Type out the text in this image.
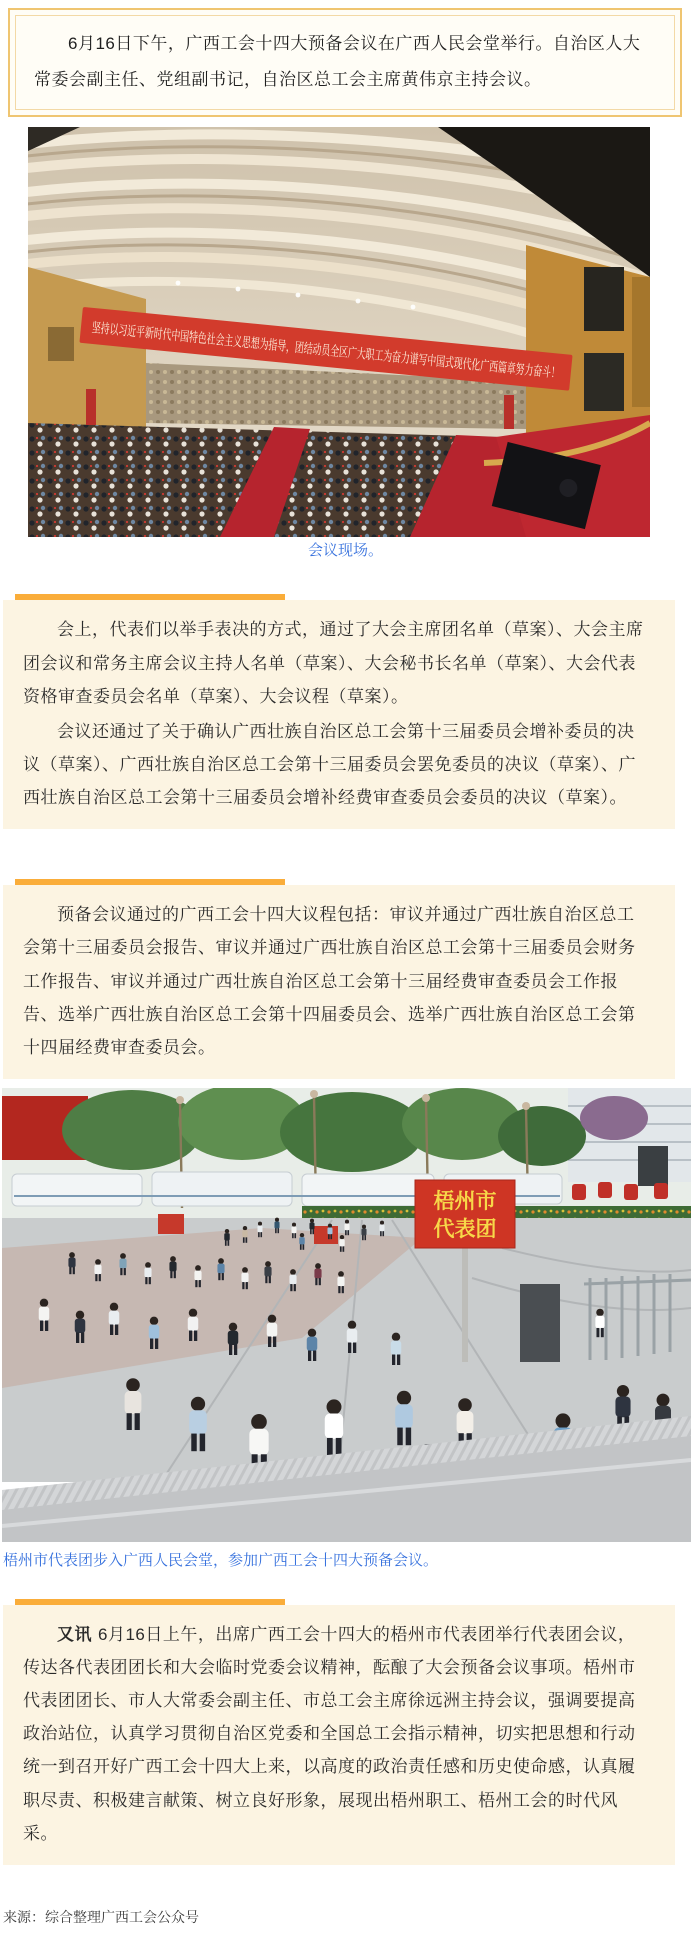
6月16日下午，广西工会十四大预备会议在广西人民会堂举行。自治区人大常委会副主任、党组副书记，自治区总工会主席黄伟京主持会议。

会议现场。

会上，代表们以举手表决的方式，通过了大会主席团名单（草案）、大会主席团会议和常务主席会议主持人名单（草案）、大会秘书长名单（草案）、大会代表资格审查委员会名单（草案）、大会议程（草案）。

会议还通过了关于确认广西壮族自治区总工会第十三届委员会增补委员的决议（草案）、广西壮族自治区总工会第十三届委员会罢免委员的决议（草案）、广西壮族自治区总工会第十三届委员会增补经费审查委员会委员的决议（草案）。

预备会议通过的广西工会十四大议程包括：审议并通过广西壮族自治区总工会第十三届委员会报告、审议并通过广西壮族自治区总工会第十三届委员会财务工作报告、审议并通过广西壮族自治区总工会第十三届经费审查委员会工作报告、选举广西壮族自治区总工会第十四届委员会、选举广西壮族自治区总工会第十四届经费审查委员会。

梧州市
代表团

梧州市代表团步入广西人民会堂，参加广西工会十四大预备会议。

又讯 6月16日上午，出席广西工会十四大的梧州市代表团举行代表团会议，传达各代表团团长和大会临时党委会议精神，酝酿了大会预备会议事项。梧州市代表团团长、市人大常委会副主任、市总工会主席徐远洲主持会议，强调要提高政治站位，认真学习贯彻自治区党委和全国总工会指示精神，切实把思想和行动统一到召开好广西工会十四大上来，以高度的政治责任感和历史使命感，认真履职尽责、积极建言献策、树立良好形象，展现出梧州职工、梧州工会的时代风采。

来源：综合整理广西工会公众号
